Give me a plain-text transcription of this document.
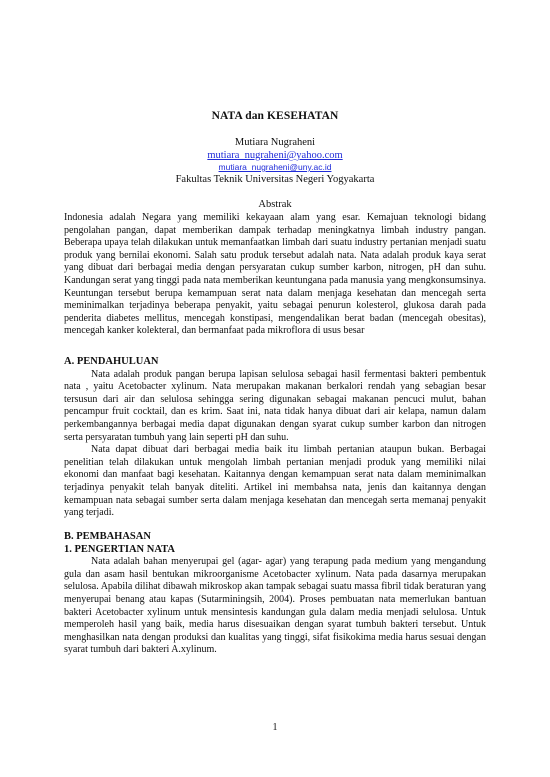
NATA dan KESEHATAN
Mutiara Nugraheni
mutiara_nugraheni@yahoo.com
mutiara_nugraheni@uny.ac.id
Fakultas Teknik Universitas Negeri Yogyakarta
Abstrak

Indonesia adalah Negara yang memiliki kekayaan alam yang esar. Kemajuan teknologi bidang pengolahan pangan, dapat memberikan dampak terhadap meningkatnya limbah industry pangan. Beberapa upaya telah dilakukan untuk memanfaatkan limbah dari suatu industry pertanian menjadi suatu produk yang bernilai ekonomi. Salah satu produk tersebut adalah nata. Nata adalah produk kaya serat yang dibuat dari berbagai media dengan persyaratan cukup sumber karbon, nitrogen, pH dan suhu. Kandungan serat yang tinggi pada nata memberikan keuntungana pada manusia yang mengkonsumsinya. Keuntungan tersebut berupa kemampuan serat nata dalam menjaga kesehatan dan mencegah serta meminimalkan terjadinya beberapa penyakit, yaitu sebagai penurun kolesterol, glukosa darah pada penderita diabetes mellitus, mencegah konstipasi, mengendalikan berat badan (mencegah obesitas), mencegah kanker kolekteral, dan bermanfaat pada mikroflora di usus besar

A. PENDAHULUAN

Nata adalah produk pangan berupa lapisan selulosa sebagai hasil fermentasi bakteri pembentuk nata , yaitu Acetobacter xylinum. Nata merupakan makanan berkalori rendah yang sebagian besar tersusun dari air dan selulosa sehingga sering digunakan sebagai makanan pencuci mulut, bahan pencampur fruit cocktail, dan es krim. Saat ini, nata tidak hanya dibuat dari air kelapa, namun dalam perkembangannya berbagai media dapat digunakan dengan syarat cukup sumber karbon dan nitrogen serta persyaratan tumbuh yang lain seperti pH dan suhu.

Nata dapat dibuat dari berbagai media baik itu limbah pertanian ataupun bukan. Berbagai penelitian telah dilakukan untuk mengolah limbah pertanian menjadi produk yang memiliki nilai ekonomi dan manfaat bagi kesehatan. Kaitannya dengan kemampuan serat nata dalam meminimalkan terjadinya penyakit telah banyak diteliti. Artikel ini membahsa nata, jenis dan kaitannya dengan kemampuan nata sebagai sumber serta dalam menjaga kesehatan dan mencegah serta memanaj penyakit yang terjadi.

B. PEMBAHASAN

1. PENGERTIAN NATA

Nata adalah bahan menyerupai gel (agar- agar) yang terapung pada medium yang mengandung gula dan asam hasil bentukan mikroorganisme Acetobacter xylinum. Nata pada dasarnya merupakan selulosa. Apabila dilihat dibawah mikroskop akan tampak sebagai suatu massa fibril tidak beraturan yang menyerupai benang atau kapas (Sutarminingsih, 2004). Proses pembuatan nata memerlukan bantuan bakteri Acetobacter xylinum untuk mensintesis kandungan gula dalam media menjadi selulosa. Untuk memperoleh hasil yang baik, media harus disesuaikan dengan syarat tumbuh bakteri tersebut. Untuk menghasilkan nata dengan produksi dan kualitas yang tinggi, sifat fisikokima media harus sesuai dengan syarat tumbuh dari bakteri A.xylinum.

1
